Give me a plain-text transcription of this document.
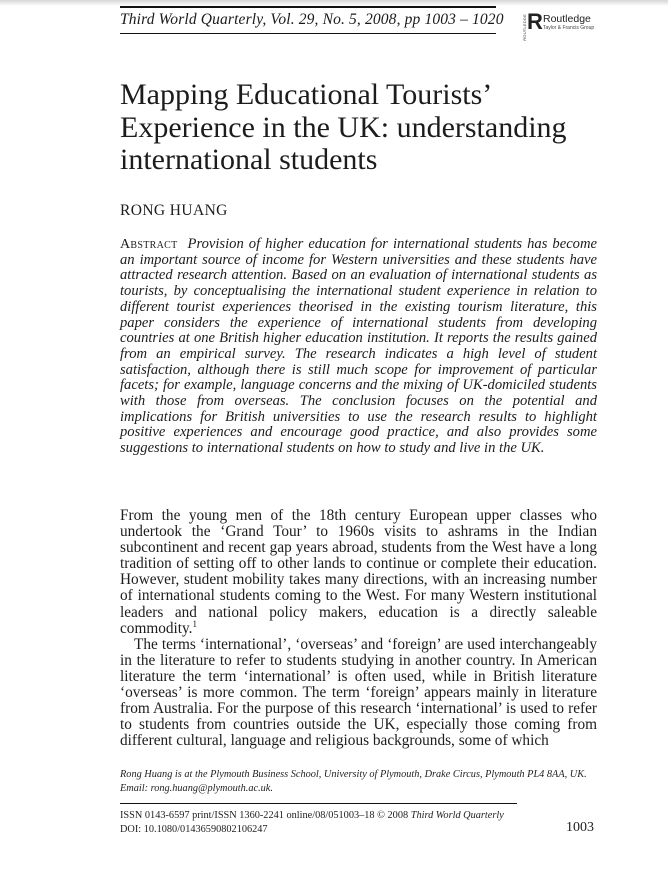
Third World Quarterly, Vol. 29, No. 5, 2008, pp 1003 – 1020	ROUTLEDGE R Routledge
Taylor & Francis Group
Mapping Educational Tourists’ Experience in the UK: understanding international students
RONG HUANG
Abstract Provision of higher education for international students has become an important source of income for Western universities and these students have attracted research attention. Based on an evaluation of international students as tourists, by conceptualising the international student experience in relation to different tourist experiences theorised in the existing tourism literature, this paper considers the experience of international students from developing countries at one British higher education institution. It reports the results gained from an empirical survey. The research indicates a high level of student satisfaction, although there is still much scope for improvement of particular facets; for example, language concerns and the mixing of UK-domiciled students with those from overseas. The conclusion focuses on the potential and implications for British universities to use the research results to highlight positive experiences and encourage good practice, and also provides some suggestions to international students on how to study and live in the UK.

From the young men of the 18th century European upper classes who undertook the ‘Grand Tour’ to 1960s visits to ashrams in the Indian subcontinent and recent gap years abroad, students from the West have a long tradition of setting off to other lands to continue or complete their education. However, student mobility takes many directions, with an increasing number of international students coming to the West. For many Western institutional leaders and national policy makers, education is a directly saleable commodity.$^1$

The terms ‘international’, ‘overseas’ and ‘foreign’ are used interchangeably in the literature to refer to students studying in another country. In American literature the term ‘international’ is often used, while in British literature ‘overseas’ is more common. The term ‘foreign’ appears mainly in literature from Australia. For the purpose of this research ‘international’ is used to refer to students from countries outside the UK, especially those coming from different cultural, language and religious backgrounds, some of which

Rong Huang is at the Plymouth Business School, University of Plymouth, Drake Circus, Plymouth PL4 8AA, UK. Email: rong.huang@plymouth.ac.uk.
ISSN 0143-6597 print/ISSN 1360-2241 online/08/051003–18 © 2008 Third World Quarterly
DOI: 10.1080/01436590802106247	1003
